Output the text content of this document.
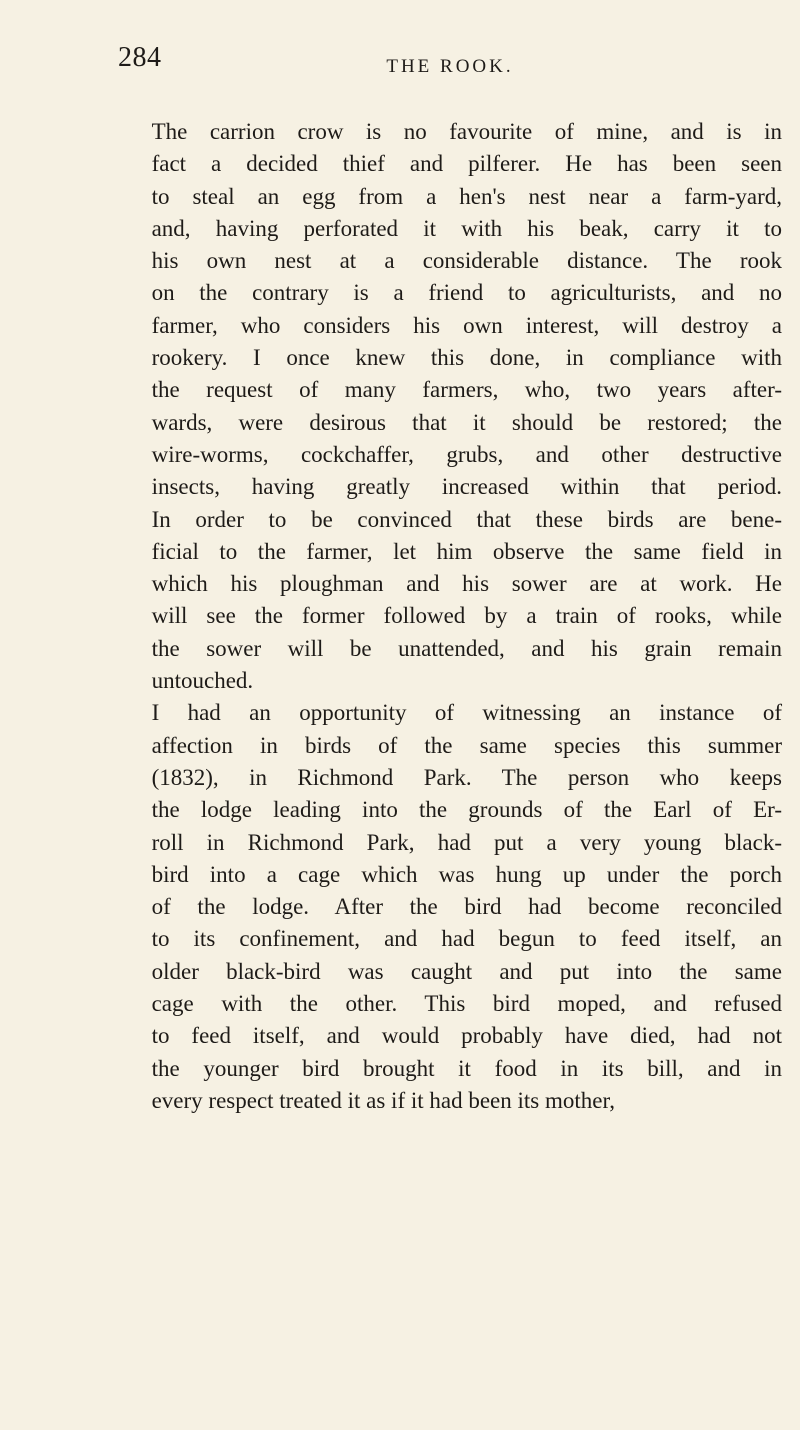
284	THE ROOK.

The carrion crow is no favourite of mine, and is in
fact a decided thief and pilferer. He has been seen
to steal an egg from a hen's nest near a farm-yard,
and, having perforated it with his beak, carry it to
his own nest at a considerable distance. The rook
on the contrary is a friend to agriculturists, and no
farmer, who considers his own interest, will destroy a
rookery. I once knew this done, in compliance with
the request of many farmers, who, two years after-
wards, were desirous that it should be restored; the
wire-worms, cockchaffer, grubs, and other destructive
insects, having greatly increased within that period.
In order to be convinced that these birds are bene-
ficial to the farmer, let him observe the same field in
which his ploughman and his sower are at work. He
will see the former followed by a train of rooks, while
the sower will be unattended, and his grain remain
untouched.

I had an opportunity of witnessing an instance of
affection in birds of the same species this summer
(1832), in Richmond Park. The person who keeps
the lodge leading into the grounds of the Earl of Er-
roll in Richmond Park, had put a very young black-
bird into a cage which was hung up under the porch
of the lodge. After the bird had become reconciled
to its confinement, and had begun to feed itself, an
older black-bird was caught and put into the same
cage with the other. This bird moped, and refused
to feed itself, and would probably have died, had not
the younger bird brought it food in its bill, and in
every respect treated it as if it had been its mother,
